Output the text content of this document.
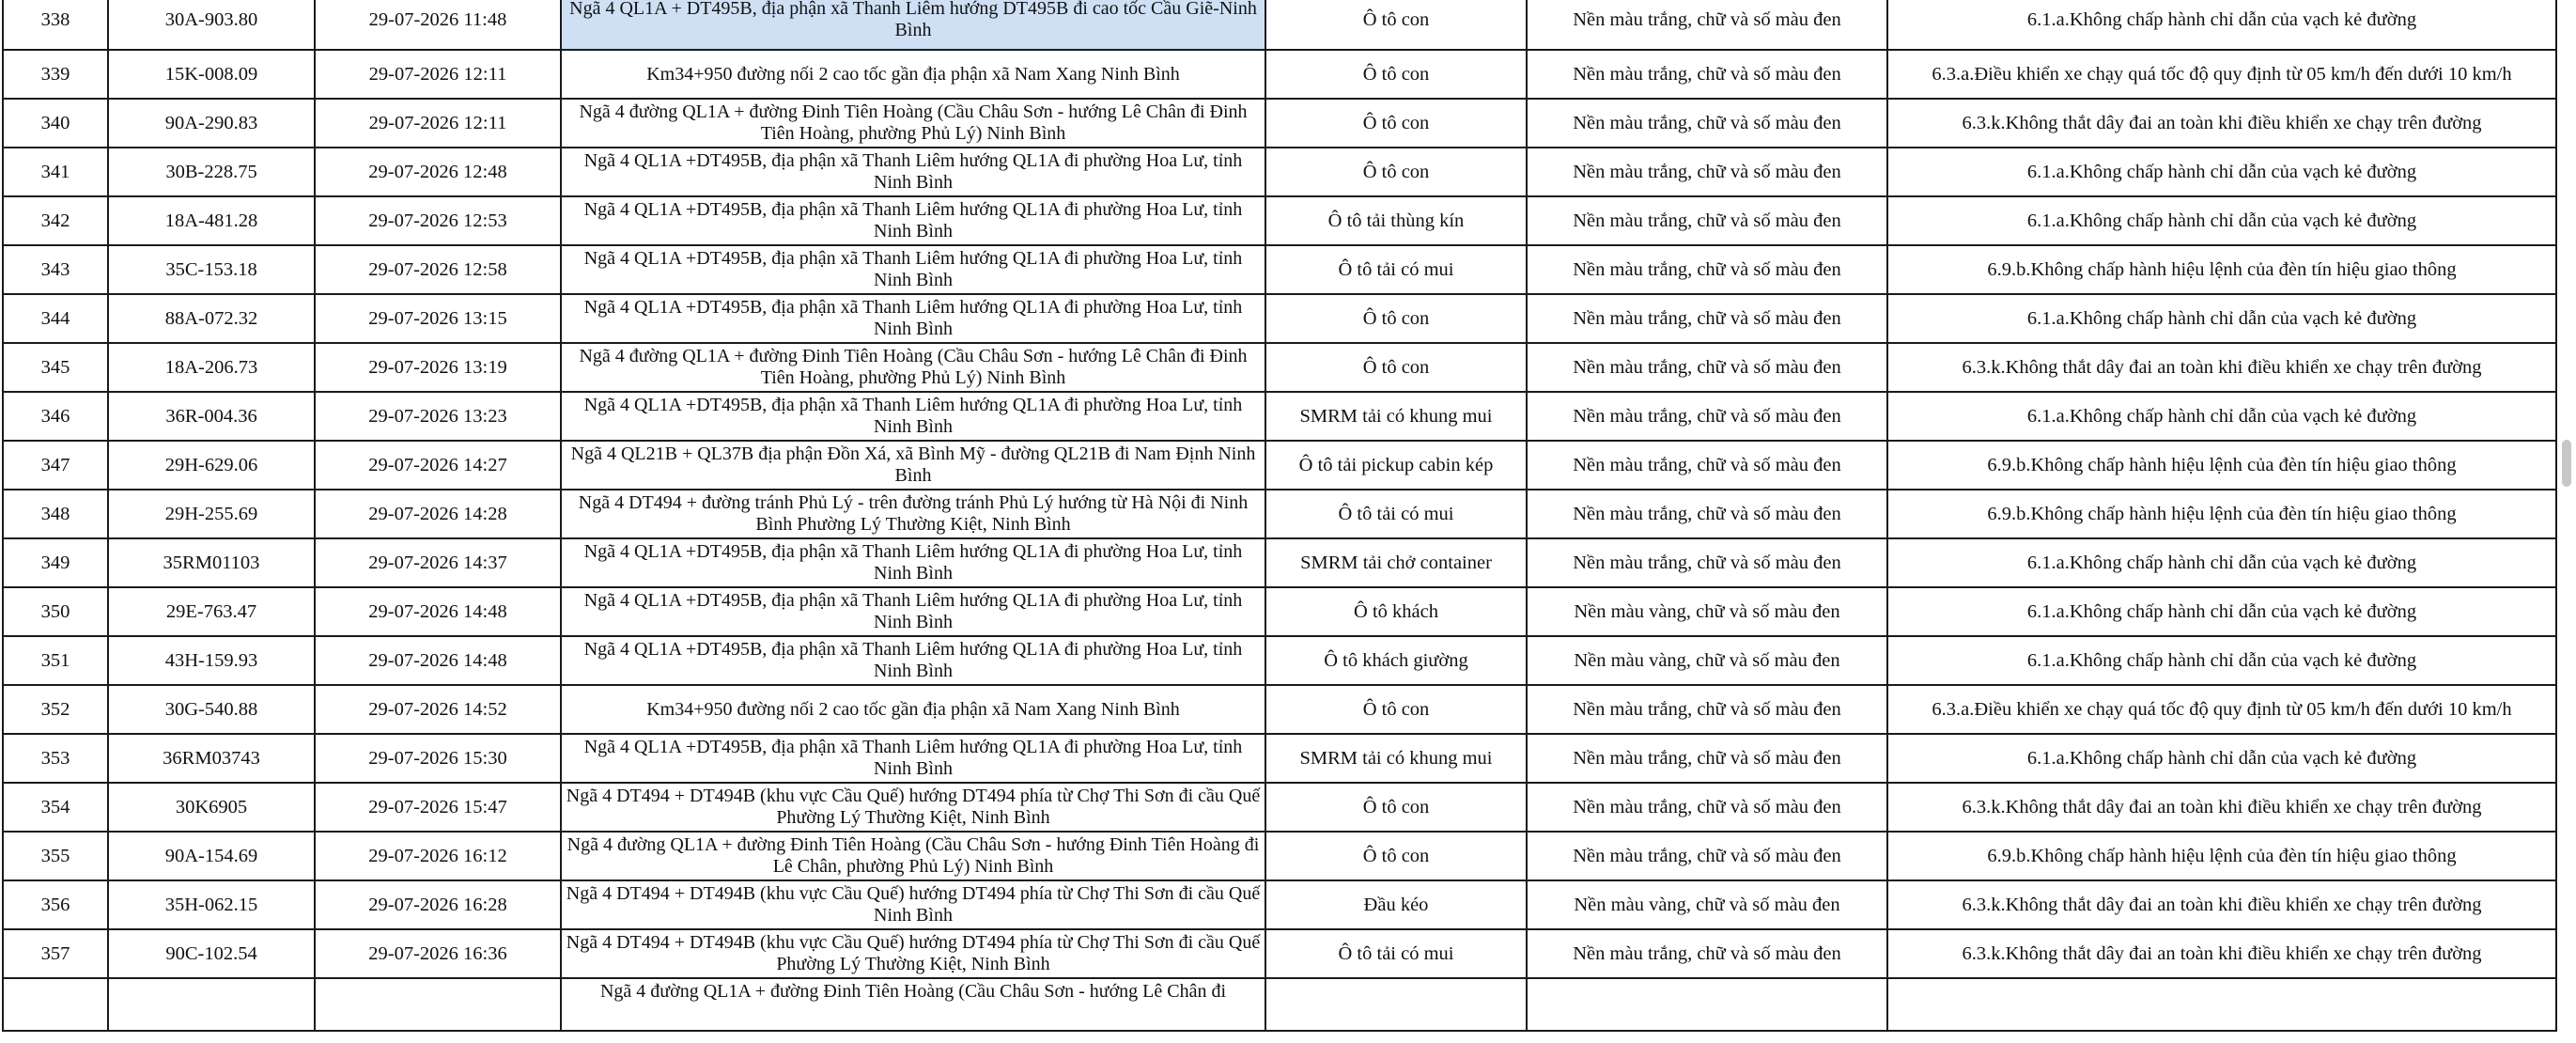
338	30A-903.80	29-07-2026 11:48	Ngã 4 QL1A + DT495B, địa phận xã Thanh Liêm hướng DT495B đi cao tốc Cầu Giẽ-Ninh Bình	Ô tô con	Nền màu trắng, chữ và số màu đen	6.1.a.Không chấp hành chỉ dẫn của vạch kẻ đường
339	15K-008.09	29-07-2026 12:11	Km34+950 đường nối 2 cao tốc gần địa phận xã Nam Xang Ninh Bình	Ô tô con	Nền màu trắng, chữ và số màu đen	6.3.a.Điều khiển xe chạy quá tốc độ quy định từ 05 km/h đến dưới 10 km/h
340	90A-290.83	29-07-2026 12:11	Ngã 4 đường QL1A + đường Đinh Tiên Hoàng (Cầu Châu Sơn - hướng Lê Chân đi Đinh Tiên Hoàng, phường Phủ Lý) Ninh Bình	Ô tô con	Nền màu trắng, chữ và số màu đen	6.3.k.Không thắt dây đai an toàn khi điều khiển xe chạy trên đường
341	30B-228.75	29-07-2026 12:48	Ngã 4 QL1A +DT495B, địa phận xã Thanh Liêm hướng QL1A đi phường Hoa Lư, tỉnh Ninh Bình	Ô tô con	Nền màu trắng, chữ và số màu đen	6.1.a.Không chấp hành chỉ dẫn của vạch kẻ đường
342	18A-481.28	29-07-2026 12:53	Ngã 4 QL1A +DT495B, địa phận xã Thanh Liêm hướng QL1A đi phường Hoa Lư, tỉnh Ninh Bình	Ô tô tải thùng kín	Nền màu trắng, chữ và số màu đen	6.1.a.Không chấp hành chỉ dẫn của vạch kẻ đường
343	35C-153.18	29-07-2026 12:58	Ngã 4 QL1A +DT495B, địa phận xã Thanh Liêm hướng QL1A đi phường Hoa Lư, tỉnh Ninh Bình	Ô tô tải có mui	Nền màu trắng, chữ và số màu đen	6.9.b.Không chấp hành hiệu lệnh của đèn tín hiệu giao thông
344	88A-072.32	29-07-2026 13:15	Ngã 4 QL1A +DT495B, địa phận xã Thanh Liêm hướng QL1A đi phường Hoa Lư, tỉnh Ninh Bình	Ô tô con	Nền màu trắng, chữ và số màu đen	6.1.a.Không chấp hành chỉ dẫn của vạch kẻ đường
345	18A-206.73	29-07-2026 13:19	Ngã 4 đường QL1A + đường Đinh Tiên Hoàng (Cầu Châu Sơn - hướng Lê Chân đi Đinh Tiên Hoàng, phường Phủ Lý) Ninh Bình	Ô tô con	Nền màu trắng, chữ và số màu đen	6.3.k.Không thắt dây đai an toàn khi điều khiển xe chạy trên đường
346	36R-004.36	29-07-2026 13:23	Ngã 4 QL1A +DT495B, địa phận xã Thanh Liêm hướng QL1A đi phường Hoa Lư, tỉnh Ninh Bình	SMRM tải có khung mui	Nền màu trắng, chữ và số màu đen	6.1.a.Không chấp hành chỉ dẫn của vạch kẻ đường
347	29H-629.06	29-07-2026 14:27	Ngã 4 QL21B + QL37B địa phận Đồn Xá, xã Bình Mỹ - đường QL21B đi Nam Định Ninh Bình	Ô tô tải pickup cabin kép	Nền màu trắng, chữ và số màu đen	6.9.b.Không chấp hành hiệu lệnh của đèn tín hiệu giao thông
348	29H-255.69	29-07-2026 14:28	Ngã 4 DT494 + đường tránh Phủ Lý - trên đường tránh Phủ Lý hướng từ Hà Nội đi Ninh Bình Phường Lý Thường Kiệt, Ninh Bình	Ô tô tải có mui	Nền màu trắng, chữ và số màu đen	6.9.b.Không chấp hành hiệu lệnh của đèn tín hiệu giao thông
349	35RM01103	29-07-2026 14:37	Ngã 4 QL1A +DT495B, địa phận xã Thanh Liêm hướng QL1A đi phường Hoa Lư, tỉnh Ninh Bình	SMRM tải chở container	Nền màu trắng, chữ và số màu đen	6.1.a.Không chấp hành chỉ dẫn của vạch kẻ đường
350	29E-763.47	29-07-2026 14:48	Ngã 4 QL1A +DT495B, địa phận xã Thanh Liêm hướng QL1A đi phường Hoa Lư, tỉnh Ninh Bình	Ô tô khách	Nền màu vàng, chữ và số màu đen	6.1.a.Không chấp hành chỉ dẫn của vạch kẻ đường
351	43H-159.93	29-07-2026 14:48	Ngã 4 QL1A +DT495B, địa phận xã Thanh Liêm hướng QL1A đi phường Hoa Lư, tỉnh Ninh Bình	Ô tô khách giường	Nền màu vàng, chữ và số màu đen	6.1.a.Không chấp hành chỉ dẫn của vạch kẻ đường
352	30G-540.88	29-07-2026 14:52	Km34+950 đường nối 2 cao tốc gần địa phận xã Nam Xang Ninh Bình	Ô tô con	Nền màu trắng, chữ và số màu đen	6.3.a.Điều khiển xe chạy quá tốc độ quy định từ 05 km/h đến dưới 10 km/h
353	36RM03743	29-07-2026 15:30	Ngã 4 QL1A +DT495B, địa phận xã Thanh Liêm hướng QL1A đi phường Hoa Lư, tỉnh Ninh Bình	SMRM tải có khung mui	Nền màu trắng, chữ và số màu đen	6.1.a.Không chấp hành chỉ dẫn của vạch kẻ đường
354	30K6905	29-07-2026 15:47	Ngã 4 DT494 + DT494B (khu vực Cầu Quế) hướng DT494 phía từ Chợ Thi Sơn đi cầu Quế Phường Lý Thường Kiệt, Ninh Bình	Ô tô con	Nền màu trắng, chữ và số màu đen	6.3.k.Không thắt dây đai an toàn khi điều khiển xe chạy trên đường
355	90A-154.69	29-07-2026 16:12	Ngã 4 đường QL1A + đường Đinh Tiên Hoàng (Cầu Châu Sơn - hướng Đinh Tiên Hoàng đi Lê Chân, phường Phủ Lý) Ninh Bình	Ô tô con	Nền màu trắng, chữ và số màu đen	6.9.b.Không chấp hành hiệu lệnh của đèn tín hiệu giao thông
356	35H-062.15	29-07-2026 16:28	Ngã 4 DT494 + DT494B (khu vực Cầu Quế) hướng DT494 phía từ Chợ Thi Sơn đi cầu Quế Ninh Bình	Đầu kéo	Nền màu vàng, chữ và số màu đen	6.3.k.Không thắt dây đai an toàn khi điều khiển xe chạy trên đường
357	90C-102.54	29-07-2026 16:36	Ngã 4 DT494 + DT494B (khu vực Cầu Quế) hướng DT494 phía từ Chợ Thi Sơn đi cầu Quế Phường Lý Thường Kiệt, Ninh Bình	Ô tô tải có mui	Nền màu trắng, chữ và số màu đen	6.3.k.Không thắt dây đai an toàn khi điều khiển xe chạy trên đường
			Ngã 4 đường QL1A + đường Đinh Tiên Hoàng (Cầu Châu Sơn - hướng Lê Chân đi			
